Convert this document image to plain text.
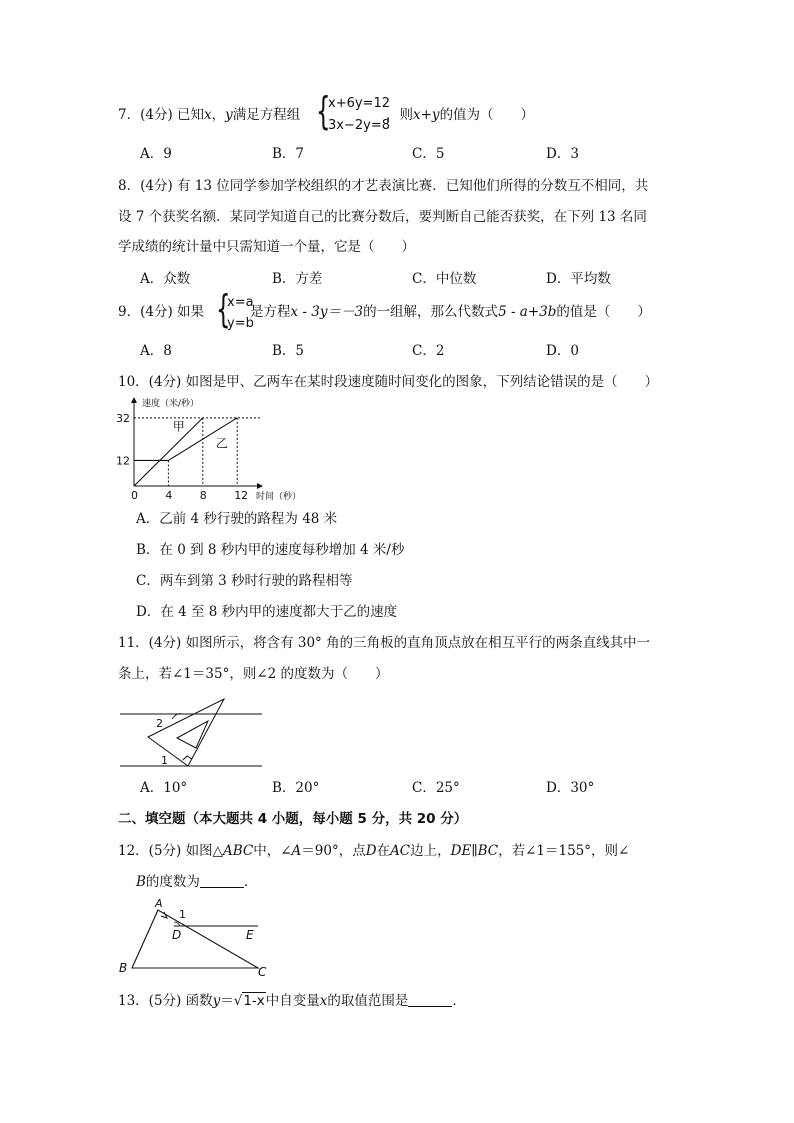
7．(4分) 已知x，y满足方程组 {
x+6y=12
3x−2y=8
，则x+y的值为（　　）
A．9	B．7	C．5	D．3
8．(4分) 有 13 位同学参加学校组织的才艺表演比赛．已知他们所得的分数互不相同，共
设 7 个获奖名额．某同学知道自己的比赛分数后，要判断自己能否获奖，在下列 13 名同
学成绩的统计量中只需知道一个量，它是（　　）
A．众数	B．方差	C．中位数	D．平均数
9．(4分) 如果 {
x=a
y=b
是方程x - 3y＝－3的一组解，那么代数式5 - a+3b的值是（　　）
A．8	B．5	C．2	D．0
10．(4分) 如图是甲、乙两车在某时段速度随时间变化的图象，下列结论错误的是（　　）
速度（米/秒）
时间（秒）
甲
乙
0 4 8 12
12
32
A．乙前 4 秒行驶的路程为 48 米
B．在 0 到 8 秒内甲的速度每秒增加 4 米/秒
C．两车到第 3 秒时行驶的路程相等
D．在 4 至 8 秒内甲的速度都大于乙的速度
11．(4分) 如图所示，将含有 30° 角的三角板的直角顶点放在相互平行的两条直线其中一
条上，若∠1＝35°，则∠2 的度数为（　　）
2
1
A．10°	B．20°	C．25°	D．30°
二、填空题（本大题共 4 小题，每小题 5 分，共 20 分）
12．(5分) 如图△ABC中，∠A＝90°，点D在AC边上，DE∥BC，若∠1＝155°，则∠
B的度数为	．
A
1
D	E
B	C
13．(5分) 函数y＝√1-x中自变量x的取值范围是	．
